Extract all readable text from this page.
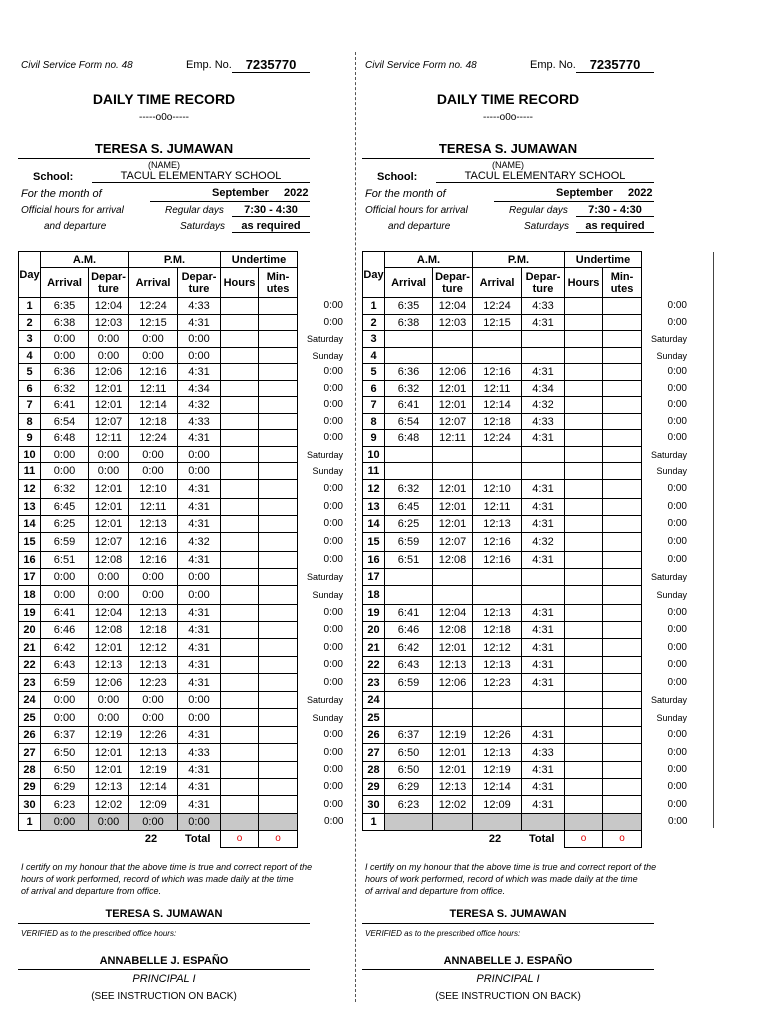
Civil Service Form no. 48	Emp. No.	7235770
DAILY TIME RECORD
-----o0o-----
TERESA S. JUMAWAN
(NAME)
School:	TACUL ELEMENTARY SCHOOL
For the month of	September 2022
Official hours for arrival
and departure
Regular days	7:30 - 4:30
Saturdays	as required
Day	A.M.		P.M.		Undertime		
	Arrival	Depar-
ture	Arrival	Depar-
ture	Hours	Min-
utes	
1	6:35	12:04	12:24	4:33			0:00
2	6:38	12:03	12:15	4:31			0:00
3	0:00	0:00	0:00	0:00			Saturday
4	0:00	0:00	0:00	0:00			Sunday
5	6:36	12:06	12:16	4:31			0:00
6	6:32	12:01	12:11	4:34			0:00
7	6:41	12:01	12:14	4:32			0:00
8	6:54	12:07	12:18	4:33			0:00
9	6:48	12:11	12:24	4:31			0:00
10	0:00	0:00	0:00	0:00			Saturday
11	0:00	0:00	0:00	0:00			Sunday
12	6:32	12:01	12:10	4:31			0:00
13	6:45	12:01	12:11	4:31			0:00
14	6:25	12:01	12:13	4:31			0:00
15	6:59	12:07	12:16	4:32			0:00
16	6:51	12:08	12:16	4:31			0:00
17	0:00	0:00	0:00	0:00			Saturday
18	0:00	0:00	0:00	0:00			Sunday
19	6:41	12:04	12:13	4:31			0:00
20	6:46	12:08	12:18	4:31			0:00
21	6:42	12:01	12:12	4:31			0:00
22	6:43	12:13	12:13	4:31			0:00
23	6:59	12:06	12:23	4:31			0:00
24	0:00	0:00	0:00	0:00			Saturday
25	0:00	0:00	0:00	0:00			Sunday
26	6:37	12:19	12:26	4:31			0:00
27	6:50	12:01	12:13	4:33			0:00
28	6:50	12:01	12:19	4:31			0:00
29	6:29	12:13	12:14	4:31			0:00
30	6:23	12:02	12:09	4:31			0:00
1	0:00	0:00	0:00	0:00			0:00
			22	Total	o	o	
I certify on my honour that the above time is true and correct report of the
hours of work performed, record of which was made daily at the time
of arrival and departure from office.
TERESA S. JUMAWAN
VERIFIED as to the prescribed office hours:
ANNABELLE J. ESPAÑO
PRINCIPAL I
(SEE INSTRUCTION ON BACK)
Civil Service Form no. 48	Emp. No.	7235770
DAILY TIME RECORD
-----o0o-----
TERESA S. JUMAWAN
(NAME)
School:	TACUL ELEMENTARY SCHOOL
For the month of	September 2022
Official hours for arrival
and departure
Regular days	7:30 - 4:30
Saturdays	as required
Day	A.M.		P.M.		Undertime		
	Arrival	Depar-
ture	Arrival	Depar-
ture	Hours	Min-
utes	
1	6:35	12:04	12:24	4:33			0:00
2	6:38	12:03	12:15	4:31			0:00
3							Saturday
4							Sunday
5	6:36	12:06	12:16	4:31			0:00
6	6:32	12:01	12:11	4:34			0:00
7	6:41	12:01	12:14	4:32			0:00
8	6:54	12:07	12:18	4:33			0:00
9	6:48	12:11	12:24	4:31			0:00
10							Saturday
11							Sunday
12	6:32	12:01	12:10	4:31			0:00
13	6:45	12:01	12:11	4:31			0:00
14	6:25	12:01	12:13	4:31			0:00
15	6:59	12:07	12:16	4:32			0:00
16	6:51	12:08	12:16	4:31			0:00
17							Saturday
18							Sunday
19	6:41	12:04	12:13	4:31			0:00
20	6:46	12:08	12:18	4:31			0:00
21	6:42	12:01	12:12	4:31			0:00
22	6:43	12:13	12:13	4:31			0:00
23	6:59	12:06	12:23	4:31			0:00
24							Saturday
25							Sunday
26	6:37	12:19	12:26	4:31			0:00
27	6:50	12:01	12:13	4:33			0:00
28	6:50	12:01	12:19	4:31			0:00
29	6:29	12:13	12:14	4:31			0:00
30	6:23	12:02	12:09	4:31			0:00
1							0:00
			22	Total	o	o	
I certify on my honour that the above time is true and correct report of the
hours of work performed, record of which was made daily at the time
of arrival and departure from office.
TERESA S. JUMAWAN
VERIFIED as to the prescribed office hours:
ANNABELLE J. ESPAÑO
PRINCIPAL I
(SEE INSTRUCTION ON BACK)
